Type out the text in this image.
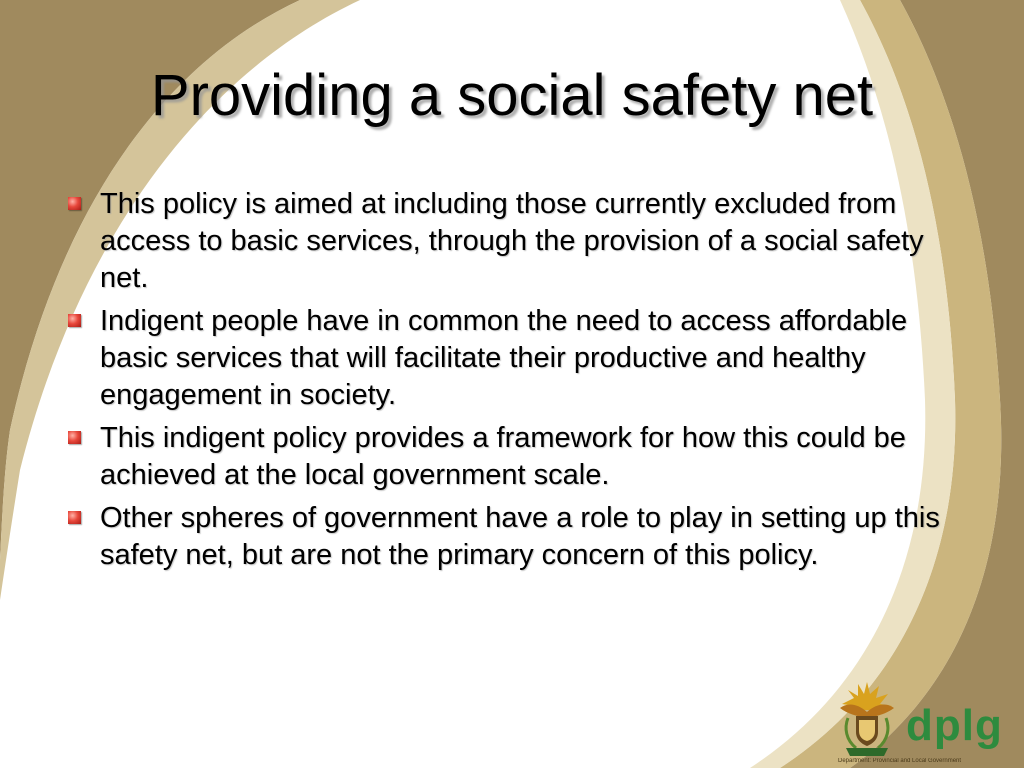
Providing a social safety net
This policy is aimed at including those currently excluded from access to basic services, through the provision of a social safety net.
Indigent people have in common the need to access affordable basic services that will facilitate their productive and healthy engagement in society.
This indigent policy provides a framework for how this could be achieved at the local government scale.
Other spheres of government have a role to play in setting up this safety net, but are not the primary concern of this policy.
dplg
Department: Provincial and Local Government
